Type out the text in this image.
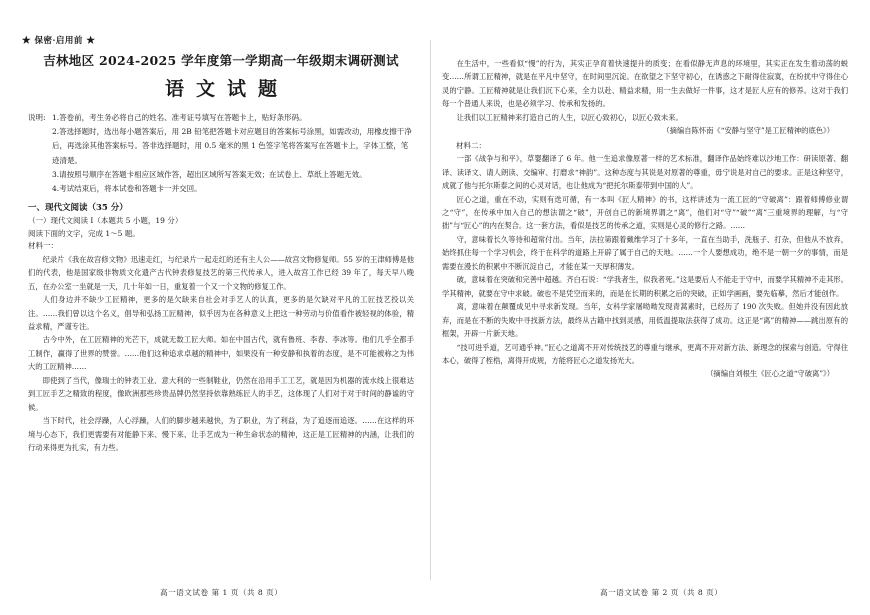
★ 保密·启用前 ★
吉林地区 2024-2025 学年度第一学期高一年级期末调研测试
语文试题
说明: 1.答卷前，考生务必将自己的姓名、准考证号填写在答题卡上，贴好条形码。
2.答选择题时，选出每小题答案后，用 2B 铅笔把答题卡对应题目的答案标号涂黑，如需改动，用橡皮擦干净后，再选涂其他答案标号。答非选择题时，用 0.5 毫米的黑 1 色签字笔将答案写在答题卡上，字体工整，笔迹清楚。
3.请按照号顺序在答题卡相应区域作答，超出区域所写答案无效；在试卷上、草纸上答题无效。
4.考试结束后，将本试卷和答题卡一并交回。
一、现代文阅读（35 分）
（一）现代文阅读 Ⅰ（本题共 5 小题，19 分）
阅读下面的文字，完成 1～5 题。
材料一：

纪录片《我在故宫修文物》迅速走红，与纪录片一起走红的还有主人公——故宫文物修复师。55 岁的王津师傅是他们的代表，他是国家级非物质文化遗产古代钟表修复技艺的第三代传承人，进入故宫工作已经 39 年了，每天早八晚五，在办公室一坐就是一天，几十年如一日，重复着一个又一个文物的修复工作。

人们身边并不缺少工匠精神，更多的是欠缺来自社会对手艺人的认真，更多的是欠缺对平凡的工匠技艺投以关注。……我们曾以这个名义，倡导和弘扬工匠精神，似乎因为在各种意义上把这一种劳动与价值看作被轻视的体验，精益求精，严谨专注。

古今中外，在工匠精神的光芒下，成就无数工匠大师。如在中国古代，就有鲁班、李春、李冰等。他们几乎全都手工制作，赢得了世界的赞誉。……他们这种追求卓越的精神中，如果没有一种安静和执着的态度，是不可能被称之为伟大的工匠精神……

即使到了当代，像瑞士的钟表工业、意大利的一些制鞋业，仍然在沿用手工工艺，就是因为机器的流水线上很难达到工匠手艺之精致的程度，像欧洲那些珍贵品牌仍然坚持依靠熟练匠人的手艺，这体现了人们对于对于时间的静谧的守候。

当下时代，社会浮躁，人心浮躁，人们的脚步越来越快，为了职业，为了利益，为了追逐而追逐。……在这样的环境与心态下，我们更需要有对能静下来、慢下来、让手艺成为一种生命状态的精神，这正是工匠精神的内涵，让我们的行动来得更为扎实，有力些。

在生活中，一些看似“慢”的行为，其实正孕育着快速提升的质变；在看似静无声息的环境里，其实正在发生着动荡的蜕变……所谓工匠精神，就是在平凡中坚守，在时间里沉淀。在欲望之下坚守初心，在诱惑之下耐得住寂寞，在纷扰中守得住心灵的宁静。工匠精神就是让我们沉下心来，全力以赴、精益求精，用一生去做好一件事，这才是匠人应有的修养。这对于我们每一个普通人来说，也是必须学习、传承和发扬的。

让我们以工匠精神来打造自己的人生，以匠心致初心，以匠心致未来。

（摘编自陈怀南《“安静与坚守”是工匠精神的底色》）

材料二：

一部《战争与和平》，草婴翻译了 6 年。他一生追求像原著一样的艺术标准，翻译作品始终难以沙地工作：研读原著、翻译、读译文、请人朗读、交编审、打磨求“神韵”。这种态度与其说是对原著的尊重，毋宁说是对自己的要求。正是这种坚守，成就了他与托尔斯泰之间的心灵对话，也让他成为“把托尔斯泰带到中国的人”。

匠心之道，重在不动，实则有迭可循，有一本叫《匠人精神》的书，这样讲述为一流工匠的“守破离”：跟着师傅修业谓之“守”，在传承中加入自己的想法谓之“破”，开创自己的新境界谓之“离”，他们对“守”“破”“离”三重境界的理解，与“守拙”与“匠心”的内在契合。这一套方法，看似是技艺的传承之道，实则是心灵的修行之路。……

守，意味着长久等待和超常付出。当年，法拉第跟着戴维学习了十多年，一直在当助手，洗瓶子、打杂，但他从不放弃，始终抓住每一个学习机会，终于在科学的道路上开辟了属于自己的天地。……一个人要想成功，绝不是一朝一夕的事情，而是需要在漫长的积累中不断沉淀自己，才能在某一天厚积薄发。

破，意味着在突破和完善中超越。齐白石说：“学我者生，似我者死。”这是要后人不能走于守中，而要学其精神不走其形。学其精神，就要在守中求破。破也不是凭空而来的，而是在长期的积累之后的突破，正如学画画，要先临摹，然后才能创作。

离，意味着在颠覆成见中寻求新发现。当年，女科学家屠呦呦发现青蒿素时，已经历了 190 次失败。但她并没有因此放弃，而是在不断的失败中寻找新方法，最终从古籍中找到灵感，用低温提取法获得了成功。这正是“离”的精神——跳出原有的框架，开辟一片新天地。

“技可进乎道，艺可通乎神。”匠心之道离不开对传统技艺的尊重与继承，更离不开对新方法、新理念的探索与创造。守得住本心，破得了桎梏，离得开成规，方能将匠心之道发扬光大。

（摘编自刘根生《匠心之道“守破离”》）

高一语文试卷 第 1 页（共 8 页）	高一语文试卷 第 2 页（共 8 页）
